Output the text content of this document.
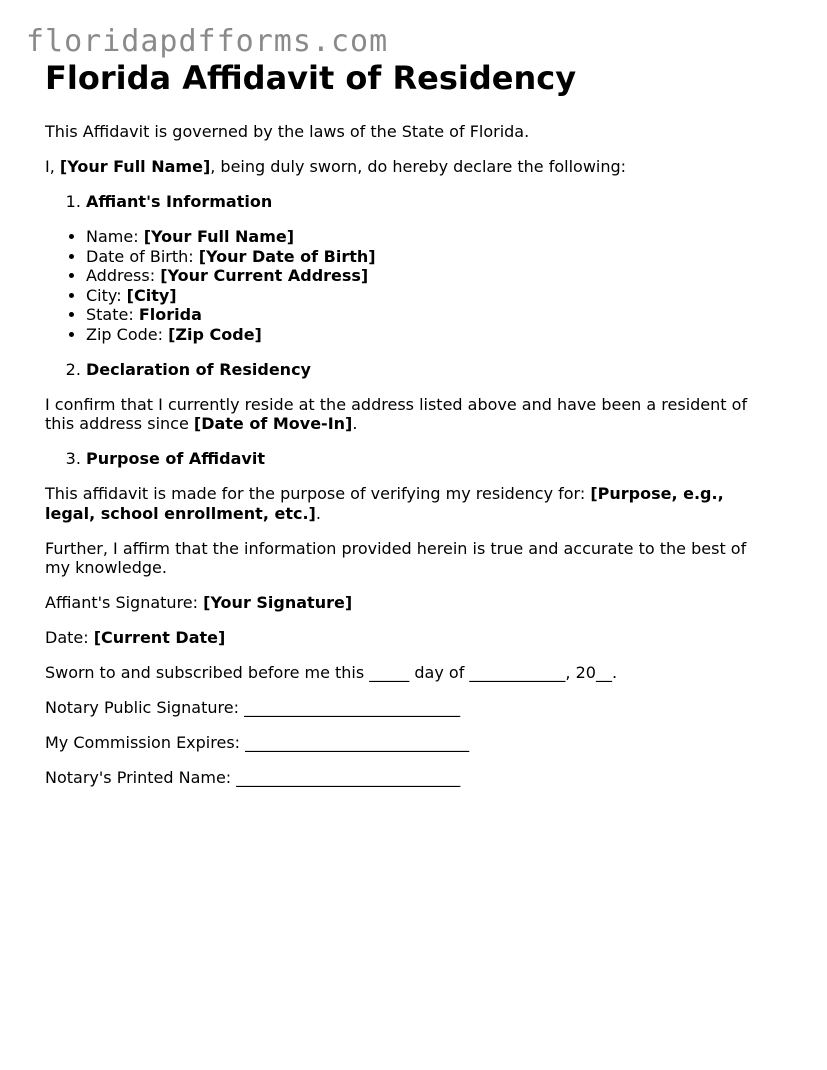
floridapdfforms.com
Florida Affidavit of Residency

This Affidavit is governed by the laws of the State of Florida.

I, [Your Full Name], being duly sworn, do hereby declare the following:

1. Affiant's Information
• Name: [Your Full Name]
• Date of Birth: [Your Date of Birth]
• Address: [Your Current Address]
• City: [City]
• State: Florida
• Zip Code: [Zip Code]
2. Declaration of Residency

I confirm that I currently reside at the address listed above and have been a resident of this address since [Date of Move-In].

3. Purpose of Affidavit

This affidavit is made for the purpose of verifying my residency for: [Purpose, e.g., legal, school enrollment, etc.].

Further, I affirm that the information provided herein is true and accurate to the best of my knowledge.

Affiant's Signature: [Your Signature]

Date: [Current Date]

Sworn to and subscribed before me this _____ day of ____________, 20__.

Notary Public Signature: ___________________________

My Commission Expires: ____________________________

Notary's Printed Name: ____________________________
